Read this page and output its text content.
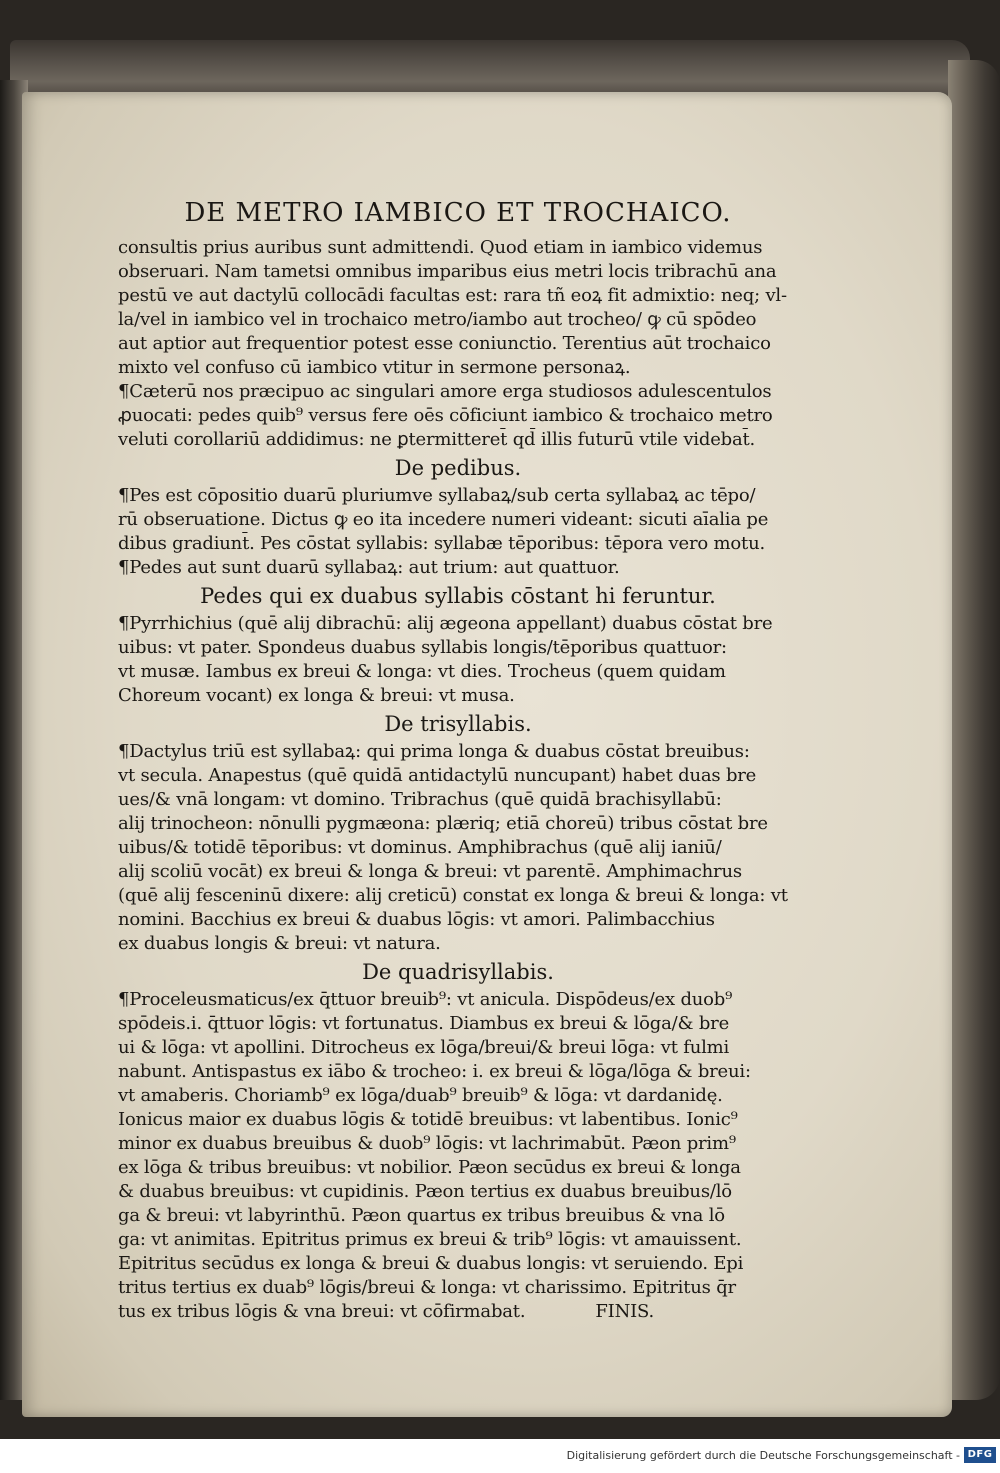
DE METRO IAMBICO ET TROCHAICO.
consultis prius auribus sunt admittendi. Quod etiam in iambico videmus
obseruari. Nam tametsi omnibus imparibus eius metri locis tribrachū ana
pestū ve aut dactylū collocādi facultas est: rara tñ eoꝝ fit admixtio: neq; vl-
la/vel in iambico vel in trochaico metro/iambo aut trocheo/ ꝙ cū spōdeo
aut aptior aut frequentior potest esse coniunctio. Terentius aūt trochaico
mixto vel confuso cū iambico vtitur in sermone personaꝝ.
¶Cæterū nos præcipuo ac singulari amore erga studiosos adulescentulos
ꝓuocati: pedes quib⁹ versus fere oēs cōficiunt iambico & trochaico metro
veluti corollariū addidimus: ne ꝑtermitteret̄ qd̄ illis futurū vtile videbat̄.
De pedibus.
¶Pes est cōpositio duarū pluriumve syllabaꝝ/sub certa syllabaꝝ ac tēpo/
rū obseruatione. Dictus ꝙ eo ita incedere numeri videant: sicuti aīalia pe
dibus gradiunt̄. Pes cōstat syllabis: syllabæ tēporibus: tēpora vero motu.
¶Pedes aut sunt duarū syllabaꝝ: aut trium: aut quattuor.
Pedes qui ex duabus syllabis cōstant hi feruntur.
¶Pyrrhichius (quē alij dibrachū: alij ægeona appellant) duabus cōstat bre
uibus: vt pater. Spondeus duabus syllabis longis/tēporibus quattuor:
vt musæ. Iambus ex breui & longa: vt dies. Trocheus (quem quidam
Choreum vocant) ex longa & breui: vt musa.
De trisyllabis.
¶Dactylus triū est syllabaꝝ: qui prima longa & duabus cōstat breuibus:
vt secula. Anapestus (quē quidā antidactylū nuncupant) habet duas bre
ues/& vnā longam: vt domino. Tribrachus (quē quidā brachisyllabū:
alij trinocheon: nōnulli pygmæona: plæriq; etiā choreū) tribus cōstat bre
uibus/& totidē tēporibus: vt dominus. Amphibrachus (quē alij ianiū/
alij scoliū vocāt) ex breui & longa & breui: vt parentē. Amphimachrus
(quē alij fesceninū dixere: alij creticū) constat ex longa & breui & longa: vt
nomini. Bacchius ex breui & duabus lōgis: vt amori. Palimbacchius
ex duabus longis & breui: vt natura.
De quadrisyllabis.
¶Proceleusmaticus/ex q̄ttuor breuib⁹: vt anicula. Dispōdeus/ex duob⁹
spōdeis.i. q̄ttuor lōgis: vt fortunatus. Diambus ex breui & lōga/& bre
ui & lōga: vt apollini. Ditrocheus ex lōga/breui/& breui lōga: vt fulmi
nabunt. Antispastus ex iābo & trocheo: i. ex breui & lōga/lōga & breui:
vt amaberis. Choriamb⁹ ex lōga/duab⁹ breuib⁹ & lōga: vt dardanidę.
Ionicus maior ex duabus lōgis & totidē breuibus: vt labentibus. Ionic⁹
minor ex duabus breuibus & duob⁹ lōgis: vt lachrimabūt. Pæon prim⁹
ex lōga & tribus breuibus: vt nobilior. Pæon secūdus ex breui & longa
& duabus breuibus: vt cupidinis. Pæon tertius ex duabus breuibus/lō
ga & breui: vt labyrinthū. Pæon quartus ex tribus breuibus & vna lō
ga: vt animitas. Epitritus primus ex breui & trib⁹ lōgis: vt amauissent.
Epitritus secūdus ex longa & breui & duabus longis: vt seruiendo. Epi
tritus tertius ex duab⁹ lōgis/breui & longa: vt charissimo. Epitritus q̄r
tus ex tribus lōgis & vna breui: vt cōfirmabat.	FINIS.
Digitalisierung gefördert durch die Deutsche Forschungsgemeinschaft - DFG
